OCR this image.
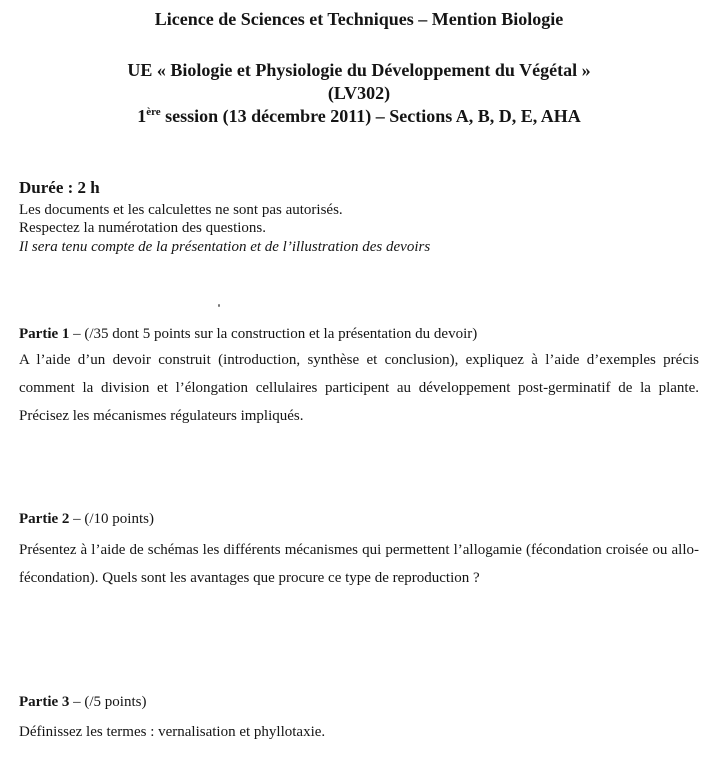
Licence de Sciences et Techniques – Mention Biologie
UE « Biologie et Physiologie du Développement du Végétal »
(LV302)
1ère session (13 décembre 2011) – Sections A, B, D, E, AHA
Durée : 2 h
Les documents et les calculettes ne sont pas autorisés.
Respectez la numérotation des questions.
Il sera tenu compte de la présentation et de l’illustration des devoirs
Partie 1 – (/35 dont 5 points sur la construction et la présentation du devoir)
A l’aide d’un devoir construit (introduction, synthèse et conclusion), expliquez à l’aide d’exemples précis comment la division et l’élongation cellulaires participent au développement post-germinatif de la plante. Précisez les mécanismes régulateurs impliqués.
Partie 2 – (/10 points)
Présentez à l’aide de schémas les différents mécanismes qui permettent l’allogamie (fécondation croisée ou allo-fécondation). Quels sont les avantages que procure ce type de reproduction ?
Partie 3 – (/5 points)
Définissez les termes : vernalisation et phyllotaxie.
